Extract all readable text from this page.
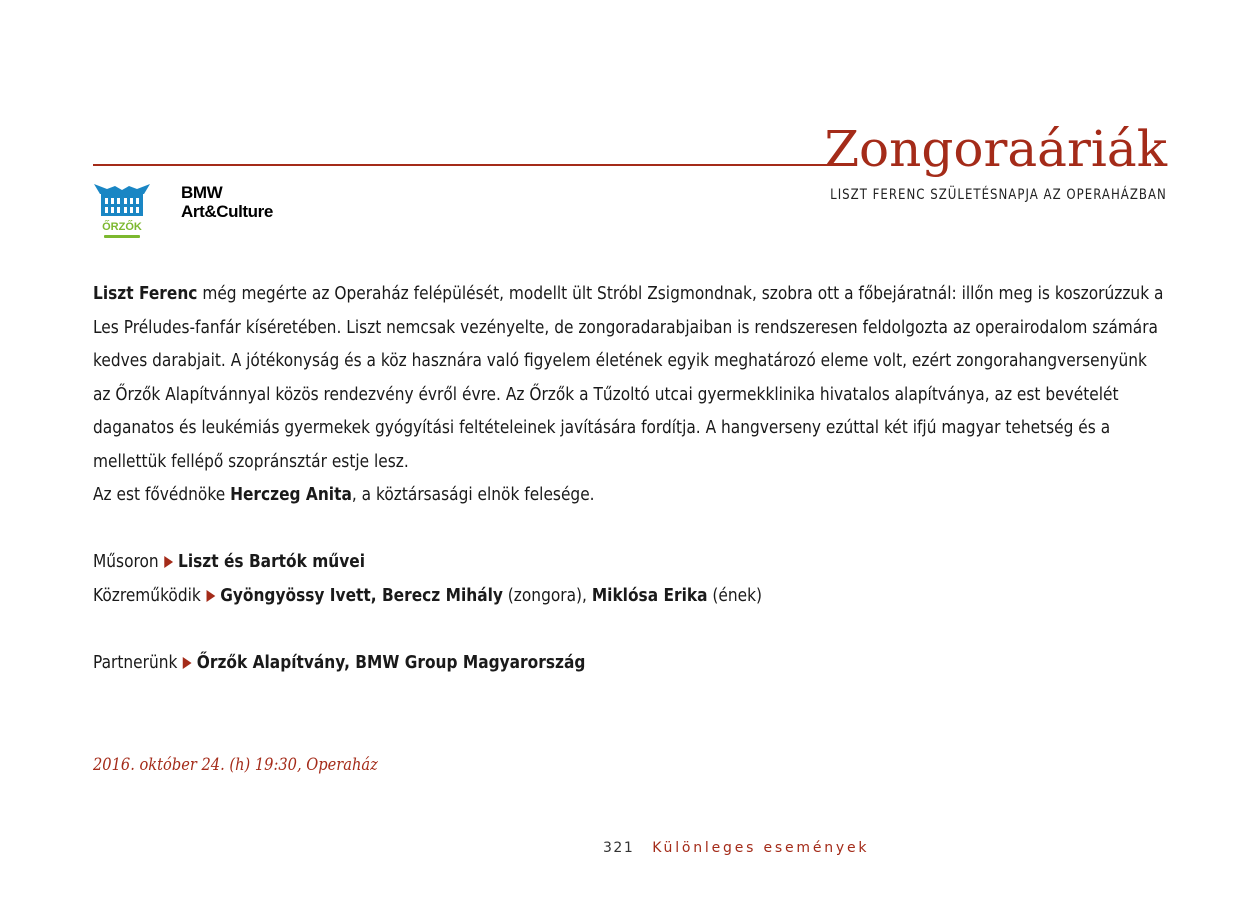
Zongoraáriák

LISZT FERENC SZÜLETÉSNAPJA AZ OPERAHÁZBAN

ŐRZŐK
BMW
Art&Culture

Liszt Ferenc még megérte az Operaház felépülését, modellt ült Stróbl Zsigmondnak, szobra ott a főbejáratnál: illőn meg is koszorúzzuk a Les Préludes-fanfár kíséretében. Liszt nemcsak vezényelte, de zongoradarabjaiban is rendszeresen feldolgozta az operairodalom számára kedves darabjait. A jótékonyság és a köz hasznára való figyelem életének egyik meghatározó eleme volt, ezért zongorahangversenyünk az Őrzők Alapítvánnyal közös rendezvény évről évre. Az Őrzők a Tűzoltó utcai gyermekklinika hivatalos alapítványa, az est bevételét daganatos és leukémiás gyermekek gyógyítási feltételeinek javítására fordítja. A hangverseny ezúttal két ifjú magyar tehetség és a mellettük fellépő szopránsztár estje lesz.

Az est fővédnöke Herczeg Anita, a köztársasági elnök felesége.

Műsoron Liszt és Bartók művei

Közreműködik Gyöngyössy Ivett, Berecz Mihály (zongora), Miklósa Erika (ének)

Partnerünk Őrzők Alapítvány, BMW Group Magyarország

2016. október 24. (h) 19:30, Operaház
321 Különleges események
